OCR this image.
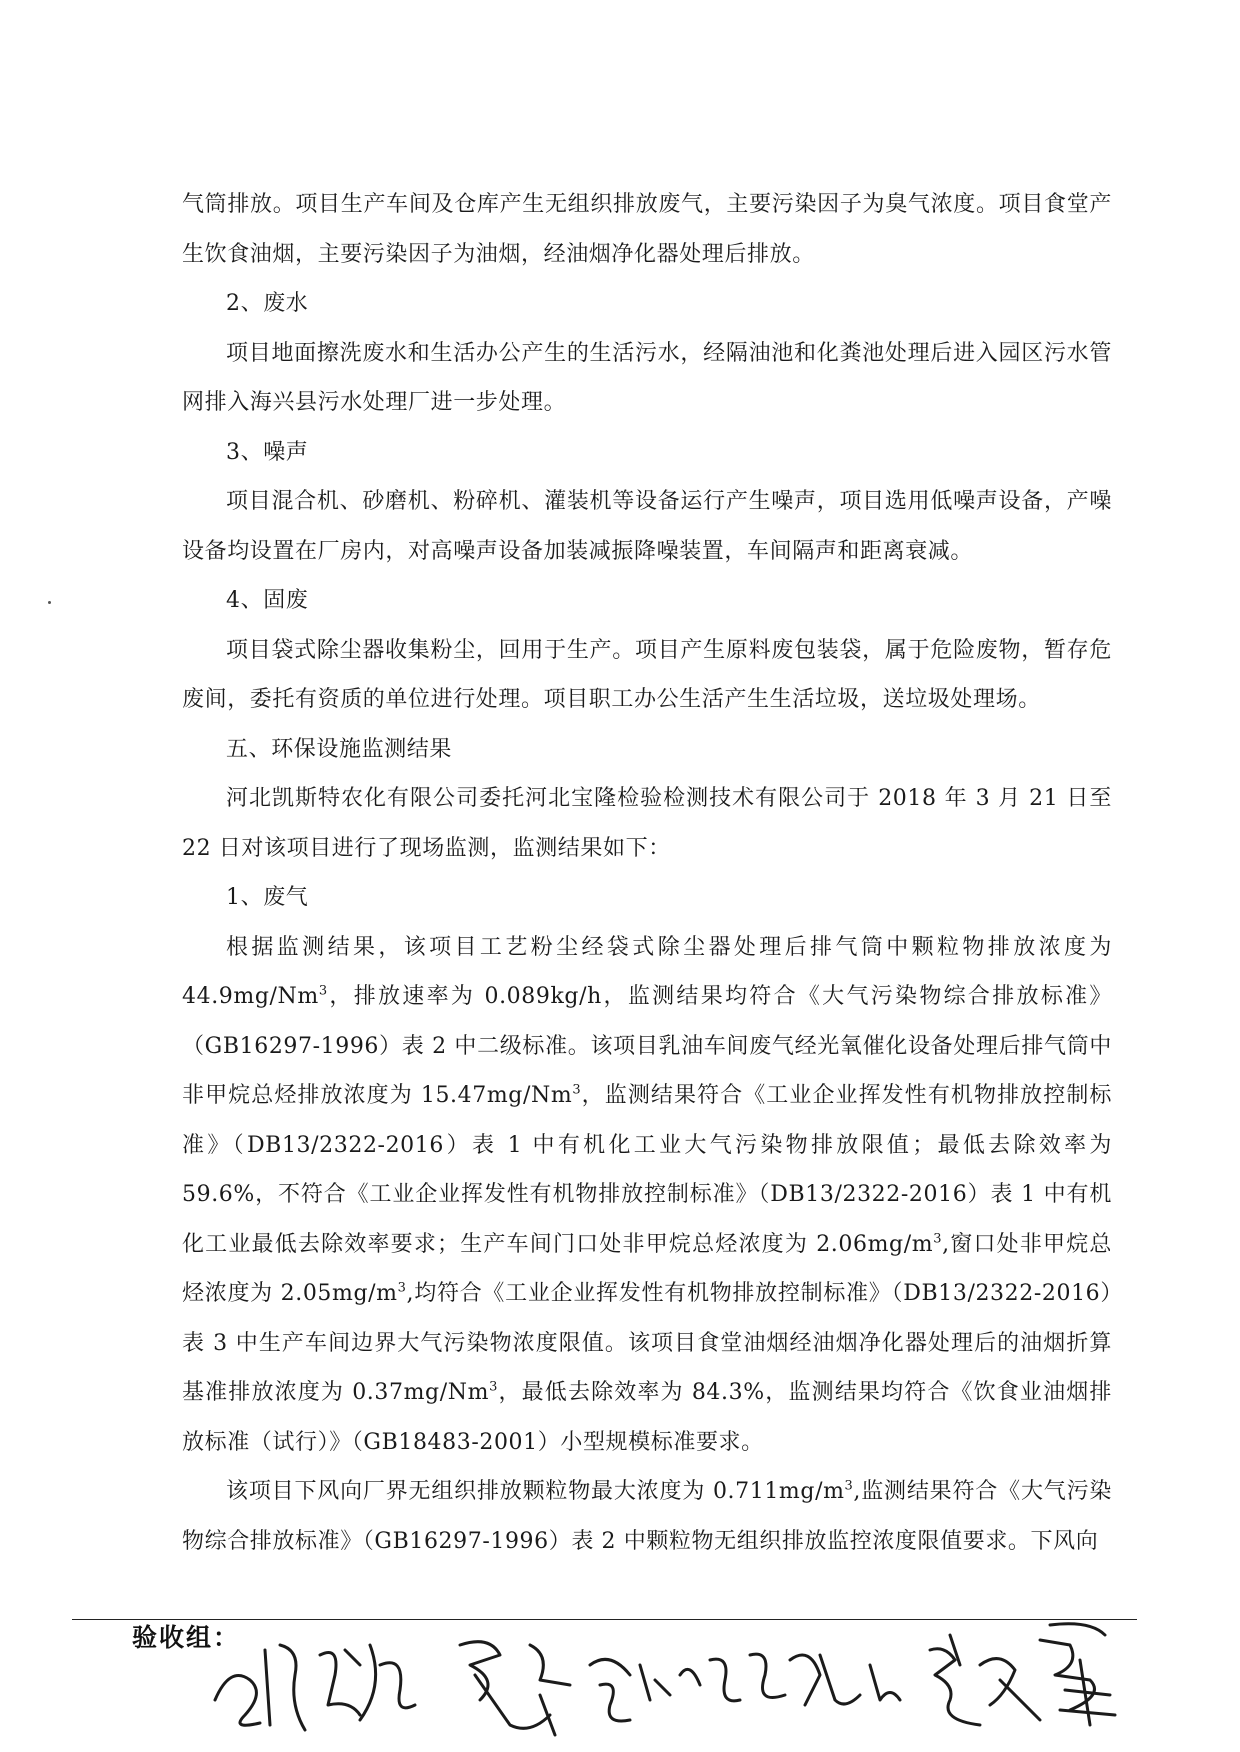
气筒排放。项目生产车间及仓库产生无组织排放废气，主要污染因子为臭气浓度。项目食堂产生饮食油烟，主要污染因子为油烟，经油烟净化器处理后排放。

2、废水

项目地面擦洗废水和生活办公产生的生活污水，经隔油池和化粪池处理后进入园区污水管网排入海兴县污水处理厂进一步处理。

3、噪声

项目混合机、砂磨机、粉碎机、灌装机等设备运行产生噪声，项目选用低噪声设备，产噪设备均设置在厂房内，对高噪声设备加装减振降噪装置，车间隔声和距离衰减。

4、固废

项目袋式除尘器收集粉尘，回用于生产。项目产生原料废包装袋，属于危险废物，暂存危废间，委托有资质的单位进行处理。项目职工办公生活产生生活垃圾，送垃圾处理场。

五、环保设施监测结果

河北凯斯特农化有限公司委托河北宝隆检验检测技术有限公司于 2018 年 3 月 21 日至 22 日对该项目进行了现场监测，监测结果如下：

1、废气

根据监测结果，该项目工艺粉尘经袋式除尘器处理后排气筒中颗粒物排放浓度为 44.9mg/Nm$^3$，排放速率为 0.089kg/h，监测结果均符合《大气污染物综合排放标准》（GB16297-1996）表 2 中二级标准。该项目乳油车间废气经光氧催化设备处理后排气筒中非甲烷总烃排放浓度为 15.47mg/Nm$^3$，监测结果符合《工业企业挥发性有机物排放控制标准》（DB13/2322-2016）表 1 中有机化工业大气污染物排放限值；最低去除效率为 59.6%，不符合《工业企业挥发性有机物排放控制标准》（DB13/2322-2016）表 1 中有机化工业最低去除效率要求；生产车间门口处非甲烷总烃浓度为 $2.06mg/m^3$,窗口处非甲烷总烃浓度为 $2.05mg/m^3$,均符合《工业企业挥发性有机物排放控制标准》（DB13/2322-2016）表 3 中生产车间边界大气污染物浓度限值。该项目食堂油烟经油烟净化器处理后的油烟折算基准排放浓度为 0.37mg/Nm$^3$，最低去除效率为 84.3%，监测结果均符合《饮食业油烟排放标准（试行）》（GB18483-2001）小型规模标准要求。

该项目下风向厂界无组织排放颗粒物最大浓度为 $0.711mg/m^3$,监测结果符合《大气污染物综合排放标准》（GB16297-1996）表 2 中颗粒物无组织排放监控浓度限值要求。下风向

验收组：
